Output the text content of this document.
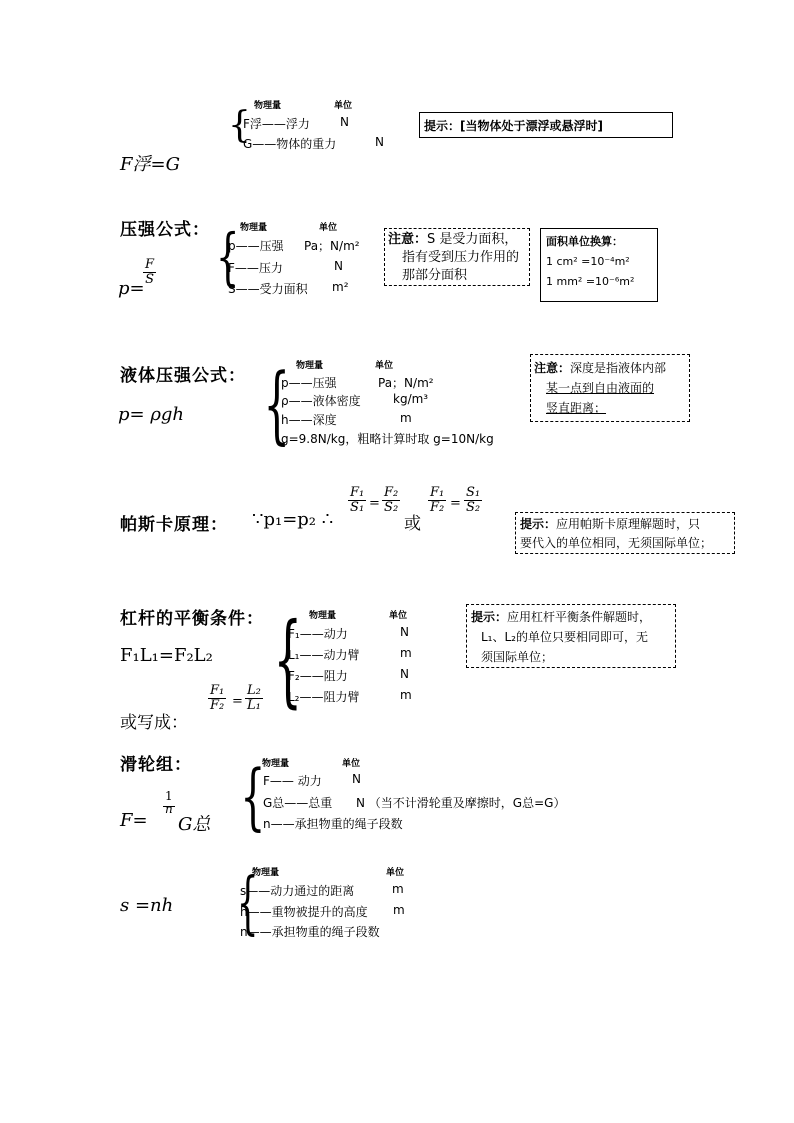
物理量	单位
{
F浮——浮力	N
G——物体的重力	N
F浮=G
提示：[当物体处于漂浮或悬浮时]
压强公式：	物理量	单位
{
p——压强 Pa；N/m²
F——压力	N
S——受力面积 m²
p=
$\frac{F}{S}$
注意：S 是受力面积，
指有受到压力作用的
那部分面积
面积单位换算：
1 cm² =10⁻⁴m²
1 mm² =10⁻⁶m²
液体压强公式：	物理量	单位
{
p——压强	Pa；N/m²
ρ——液体密度	kg/m³
h——深度	m
g=9.8N/kg，粗略计算时取 g=10N/kg
p= ρgh
注意：深度是指液体内部
某一点到自由液面的
竖直距离；
帕斯卡原理： ∵p₁=p₂ ∴
$\frac{\text{F₁}}{\text{S₁}} = \frac{\text{F₂}}{\text{S₂}}$
或
$\frac{\text{F₁}}{\text{F₂}} = \frac{\text{S₁}}{\text{S₂}}$
提示：应用帕斯卡原理解题时，只
要代入的单位相同，无须国际单位；
杠杆的平衡条件：	物理量	单位
{
F₁——动力	N
L₁——动力臂	m
F₂——阻力	N
L₂——阻力臂	m
F₁L₁=F₂L₂
$\frac{\text{F₁}}{\text{F₂}} = \frac{\text{L₂}}{\text{L₁}}$
或写成：
提示：应用杠杆平衡条件解题时，
L₁、L₂的单位只要相同即可，无
须国际单位；
滑轮组：	物理量	单位
{
F—— 动力	N
G总——总重 N （当不计滑轮重及摩擦时，G总=G）
n——承担物重的绳子段数
F=
1
n
G总
物理量	单位
{
s——动力通过的距离	m
h——重物被提升的高度 m
n——承担物重的绳子段数
s =nh
